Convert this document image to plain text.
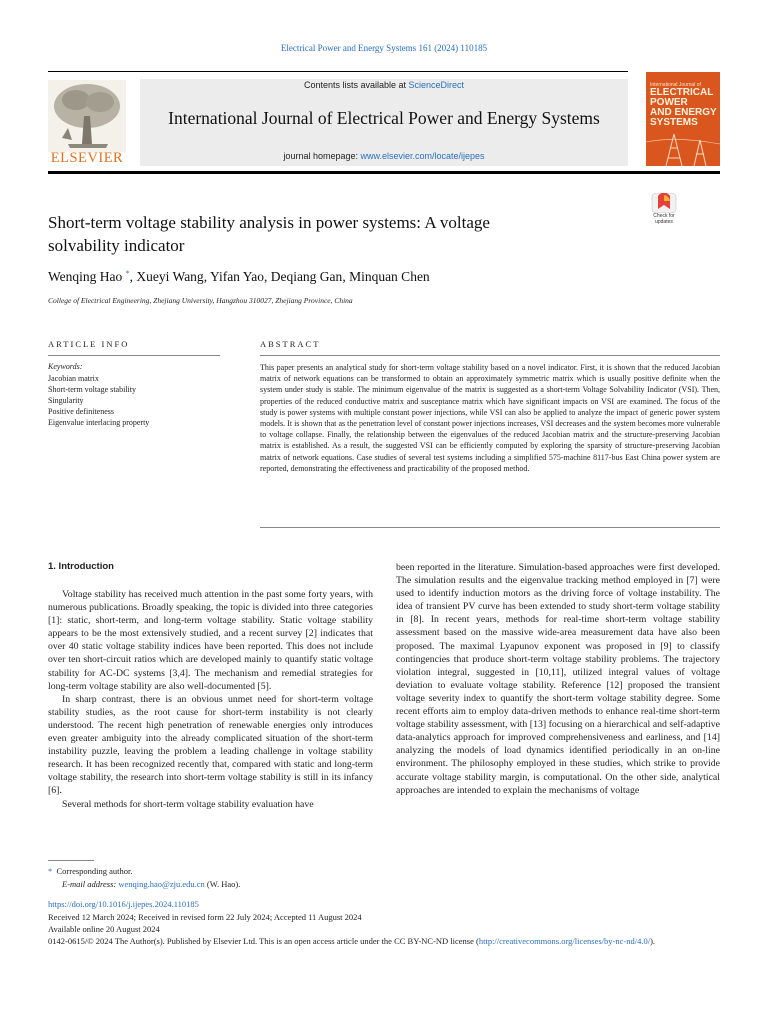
Electrical Power and Energy Systems 161 (2024) 110185
Contents lists available at ScienceDirect
International Journal of Electrical Power and Energy Systems
journal homepage: www.elsevier.com/locate/ijepes
ELSEVIER
International Journal of
ELECTRICAL
POWER
AND ENERGY
SYSTEMS
Check for
updates
Short-term voltage stability analysis in power systems: A voltage
solvability indicator
Wenqing Hao *, Xueyi Wang, Yifan Yao, Deqiang Gan, Minquan Chen
College of Electrical Engineering, Zhejiang University, Hangzhou 310027, Zhejiang Province, China
ARTICLE INFO	ABSTRACT
Keywords:
Jacobian matrix
Short-term voltage stability
Singularity
Positive definiteness
Eigenvalue interlacing property
This paper presents an analytical study for short-term voltage stability based on a novel indicator. First, it is shown that the reduced Jacobian matrix of network equations can be transformed to obtain an approximately symmetric matrix which is usually positive definite when the system under study is stable. The minimum eigenvalue of the matrix is suggested as a short-term Voltage Solvability Indicator (VSI). Then, properties of the reduced conductive matrix and susceptance matrix which have significant impacts on VSI are examined. The focus of the study is power systems with multiple constant power injections, while VSI can also be applied to analyze the impact of generic power system models. It is shown that as the penetration level of constant power injections increases, VSI decreases and the system becomes more vulnerable to voltage collapse. Finally, the relationship between the eigenvalues of the reduced Jacobian matrix and the structure-preserving Jacobian matrix is established. As a result, the suggested VSI can be efficiently computed by exploring the sparsity of structure-preserving Jacobian matrix of network equations. Case studies of several test systems including a simplified 575-machine 8117-bus East China power system are reported, demonstrating the effectiveness and practicability of the proposed method.
1. Introduction

Voltage stability has received much attention in the past some forty years, with numerous publications. Broadly speaking, the topic is divided into three categories [1]: static, short-term, and long-term voltage stability. Static voltage stability appears to be the most extensively studied, and a recent survey [2] indicates that over 40 static voltage stability indices have been reported. This does not include over ten short-circuit ratios which are developed mainly to quantify static voltage stability for AC-DC systems [3,4]. The mechanism and remedial strategies for long-term voltage stability are also well-documented [5].

In sharp contrast, there is an obvious unmet need for short-term voltage stability studies, as the root cause for short-term instability is not clearly understood. The recent high penetration of renewable energies only introduces even greater ambiguity into the already complicated situation of the short-term instability puzzle, leaving the problem a leading challenge in voltage stability research. It has been recognized recently that, compared with static and long-term voltage stability, the research into short-term voltage stability is still in its infancy [6].

Several methods for short-term voltage stability evaluation have

been reported in the literature. Simulation-based approaches were first developed. The simulation results and the eigenvalue tracking method employed in [7] were used to identify induction motors as the driving force of voltage instability. The idea of transient PV curve has been extended to study short-term voltage stability in [8]. In recent years, methods for real-time short-term voltage stability assessment based on the massive wide-area measurement data have also been proposed. The maximal Lyapunov exponent was proposed in [9] to classify contingencies that produce short-term voltage stability problems. The trajectory violation integral, suggested in [10,11], utilized integral values of voltage deviation to evaluate voltage stability. Reference [12] proposed the transient voltage severity index to quantify the short-term voltage stability degree. Some recent efforts aim to employ data-driven methods to enhance real-time short-term voltage stability assessment, with [13] focusing on a hierarchical and self-adaptive data-analytics approach for improved comprehensiveness and earliness, and [14] analyzing the models of load dynamics identified periodically in an on-line environment. The philosophy employed in these studies, which strike to provide accurate voltage stability margin, is computational. On the other side, analytical approaches are intended to explain the mechanisms of voltage

*  Corresponding author.
E-mail address: wenqing.hao@zju.edu.cn (W. Hao).
https://doi.org/10.1016/j.ijepes.2024.110185
Received 12 March 2024; Received in revised form 22 July 2024; Accepted 11 August 2024
Available online 20 August 2024
0142-0615/© 2024 The Author(s). Published by Elsevier Ltd. This is an open access article under the CC BY-NC-ND license (http://creativecommons.org/licenses/by-nc-nd/4.0/).
